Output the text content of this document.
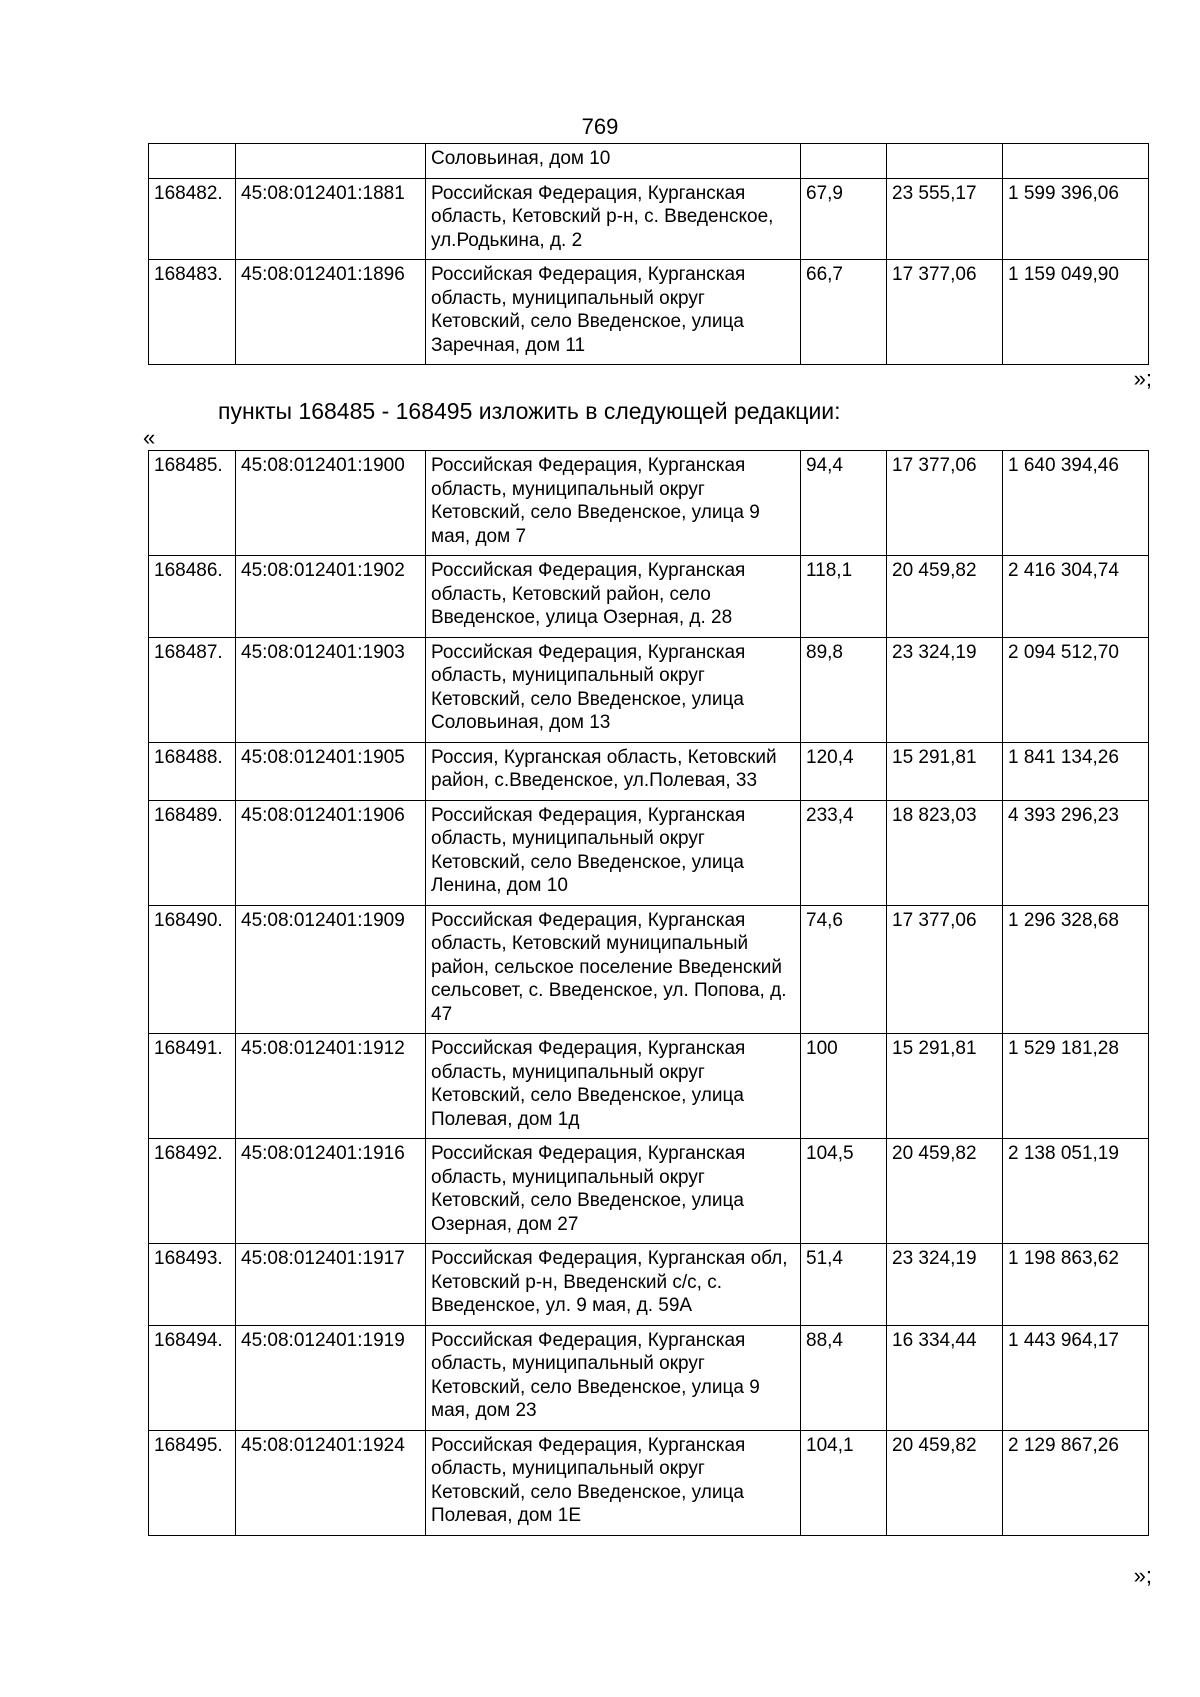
769
		Соловьиная, дом 10			
168482.	45:08:012401:1881	Российская Федерация, Курганская область, Кетовский р-н, с. Введенское, ул.Родькина, д. 2	67,9	23 555,17	1 599 396,06
168483.	45:08:012401:1896	Российская Федерация, Курганская область, муниципальный округ Кетовский, село Введенское, улица Заречная, дом 11	66,7	17 377,06	1 159 049,90
»;
пункты 168485 - 168495 изложить в следующей редакции:
«
168485.	45:08:012401:1900	Российская Федерация, Курганская область, муниципальный округ Кетовский, село Введенское, улица 9 мая, дом 7	94,4	17 377,06	1 640 394,46
168486.	45:08:012401:1902	Российская Федерация, Курганская область, Кетовский район, село Введенское, улица Озерная, д. 28	118,1	20 459,82	2 416 304,74
168487.	45:08:012401:1903	Российская Федерация, Курганская область, муниципальный округ Кетовский, село Введенское, улица Соловьиная, дом 13	89,8	23 324,19	2 094 512,70
168488.	45:08:012401:1905	Россия, Курганская область, Кетовский район, с.Введенское, ул.Полевая, 33	120,4	15 291,81	1 841 134,26
168489.	45:08:012401:1906	Российская Федерация, Курганская область, муниципальный округ Кетовский, село Введенское, улица Ленина, дом 10	233,4	18 823,03	4 393 296,23
168490.	45:08:012401:1909	Российская Федерация, Курганская область, Кетовский муниципальный район, сельское поселение Введенский сельсовет, с. Введенское, ул. Попова, д. 47	74,6	17 377,06	1 296 328,68
168491.	45:08:012401:1912	Российская Федерация, Курганская область, муниципальный округ Кетовский, село Введенское, улица Полевая, дом 1д	100	15 291,81	1 529 181,28
168492.	45:08:012401:1916	Российская Федерация, Курганская область, муниципальный округ Кетовский, село Введенское, улица Озерная, дом 27	104,5	20 459,82	2 138 051,19
168493.	45:08:012401:1917	Российская Федерация, Курганская обл, Кетовский р-н, Введенский с/с, с. Введенское, ул. 9 мая, д. 59А	51,4	23 324,19	1 198 863,62
168494.	45:08:012401:1919	Российская Федерация, Курганская область, муниципальный округ Кетовский, село Введенское, улица 9 мая, дом 23	88,4	16 334,44	1 443 964,17
168495.	45:08:012401:1924	Российская Федерация, Курганская область, муниципальный округ Кетовский, село Введенское, улица Полевая, дом 1Е	104,1	20 459,82	2 129 867,26
»;
